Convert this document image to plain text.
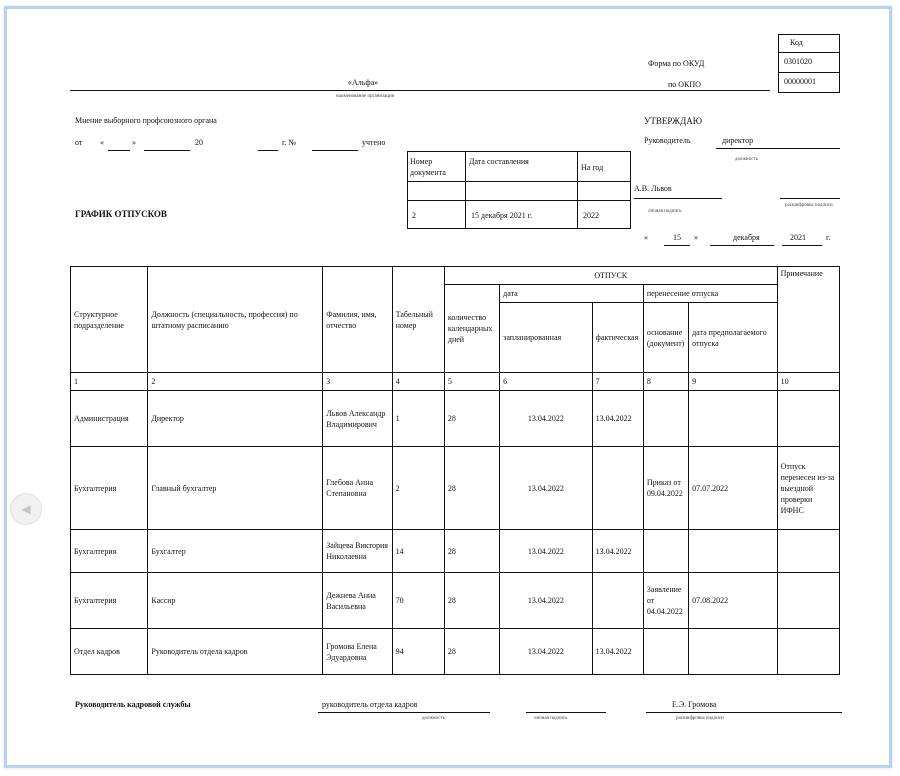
◀
Форма по ОКУД
по ОКПО
Код
0301020
00000001
«Альфа»
наименование организации
Мнение выборного профсоюзного органа
от «	»	20	г. №	учтено
Номер документа
Дата составления
На год
2	15 декабря 2021 г.	2022
ГРАФИК ОТПУСКОВ
УТВЕРЖДАЮ
Руководитель	директор
должность
А.В. Львов
личная подпись
расшифровка подписи
«	15 »	декабря	2021	г.
Структурное подразделение	Должность (специальность, профессия) по штатному расписанию	Фамилия, имя, отчество	Табельный номер	ОТПУСК					Примечание
				количество календарных дней	дата		перенесение отпуска		
					запланированная	фактическая	основание (документ)	дата предполагаемого отпуска	
1	2	3	4	5	6	7	8	9	10
Администрация	Директор	Львов Александр Владимирович	1	28	13.04.2022	13.04.2022			
Бухгалтерия	Главный бухгалтер	Глебова Анна Степановна	2	28	13.04.2022		Приказ от 09.04.2022	07.07.2022	Отпуск перенесен из-за выездной проверки ИФНС
Бухгалтерия	Бухгалтер	Зайцева Виктория Николаевна	14	28	13.04.2022	13.04.2022			
Бухгалтерия	Кассир	Дежнева Анна Васильевна	70	28	13.04.2022		Заявление от 04.04.2022	07.08.2022	
Отдел кадров	Руководитель отдела кадров	Громова Елена Эдуардовна	94	28	13.04.2022	13.04.2022			
Руководитель кадровой службы	руководитель отдела кадров
должность	личная подпись
Е.Э. Громова
расшифровка подписи
